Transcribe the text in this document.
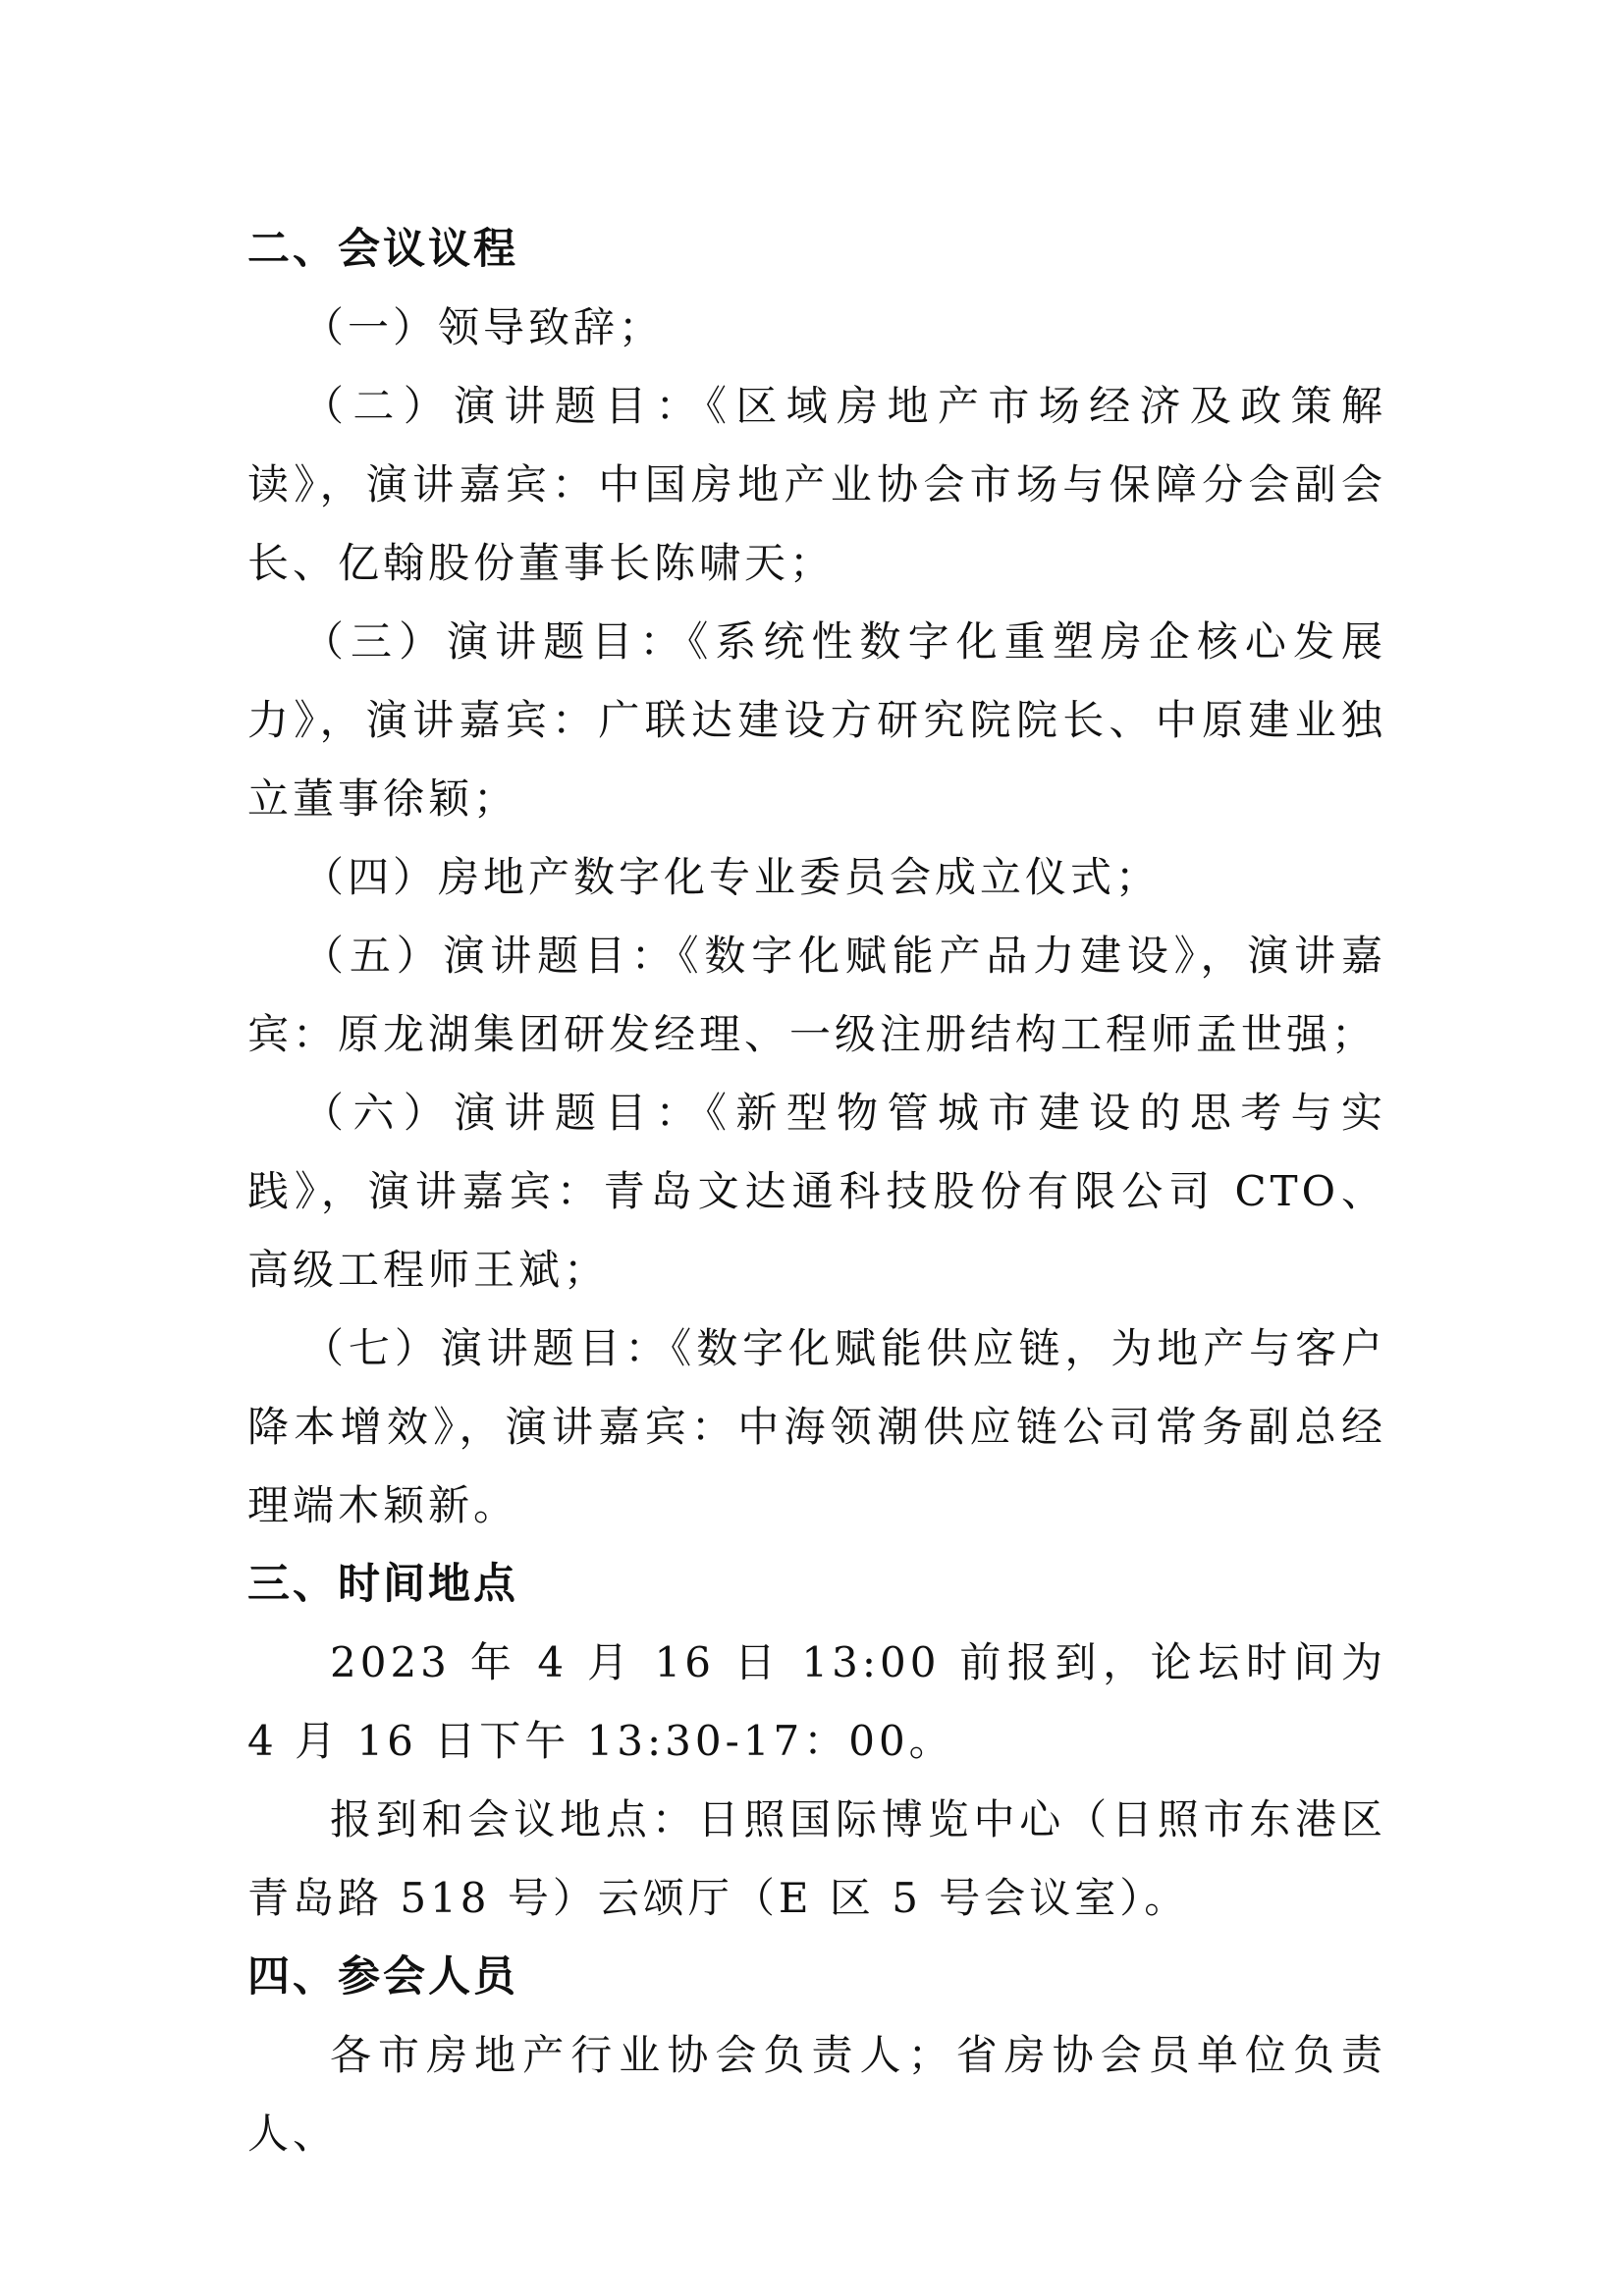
二、会议议程

（一）领导致辞；

（二）演讲题目：《区域房地产市场经济及政策解读》，演讲嘉宾：中国房地产业协会市场与保障分会副会长、亿翰股份董事长陈啸天；

（三）演讲题目：《系统性数字化重塑房企核心发展力》，演讲嘉宾：广联达建设方研究院院长、中原建业独立董事徐颖；

（四）房地产数字化专业委员会成立仪式；

（五）演讲题目：《数字化赋能产品力建设》，演讲嘉宾：原龙湖集团研发经理、一级注册结构工程师孟世强；

（六）演讲题目：《新型物管城市建设的思考与实践》，演讲嘉宾：青岛文达通科技股份有限公司 CTO、高级工程师王斌；

（七）演讲题目：《数字化赋能供应链，为地产与客户降本增效》，演讲嘉宾：中海领潮供应链公司常务副总经理端木颖新。

三、时间地点

2023 年 4 月 16 日 13:00 前报到，论坛时间为 4 月 16 日下午 13:30-17：00。

报到和会议地点：日照国际博览中心（日照市东港区青岛路 518 号）云颂厅（E 区 5 号会议室）。

四、参会人员

各市房地产行业协会负责人；省房协会员单位负责人、
